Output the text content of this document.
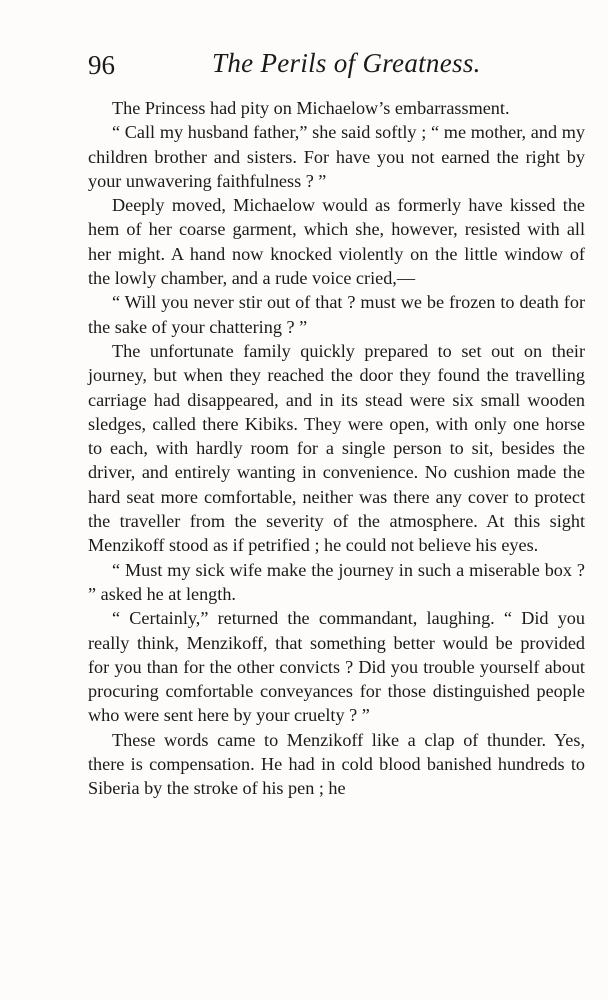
96	The Perils of Greatness.

The Princess had pity on Michaelow’s embarrassment.

“ Call my husband father,” she said softly ; “ me mother, and my children brother and sisters. For have you not earned the right by your unwavering faithfulness ? ”

Deeply moved, Michaelow would as formerly have kissed the hem of her coarse garment, which she, however, resisted with all her might. A hand now knocked violently on the little window of the lowly chamber, and a rude voice cried,—

“ Will you never stir out of that ? must we be frozen to death for the sake of your chattering ? ”

The unfortunate family quickly prepared to set out on their journey, but when they reached the door they found the travelling carriage had disappeared, and in its stead were six small wooden sledges, called there Kibiks. They were open, with only one horse to each, with hardly room for a single person to sit, besides the driver, and entirely wanting in convenience. No cushion made the hard seat more comfortable, neither was there any cover to protect the traveller from the severity of the atmosphere. At this sight Menzikoff stood as if petrified ; he could not believe his eyes.

“ Must my sick wife make the journey in such a miserable box ? ” asked he at length.

“ Certainly,” returned the commandant, laughing. “ Did you really think, Menzikoff, that something better would be provided for you than for the other convicts ? Did you trouble yourself about procuring comfortable conveyances for those distinguished people who were sent here by your cruelty ? ”

These words came to Menzikoff like a clap of thunder. Yes, there is compensation. He had in cold blood banished hundreds to Siberia by the stroke of his pen ; he
